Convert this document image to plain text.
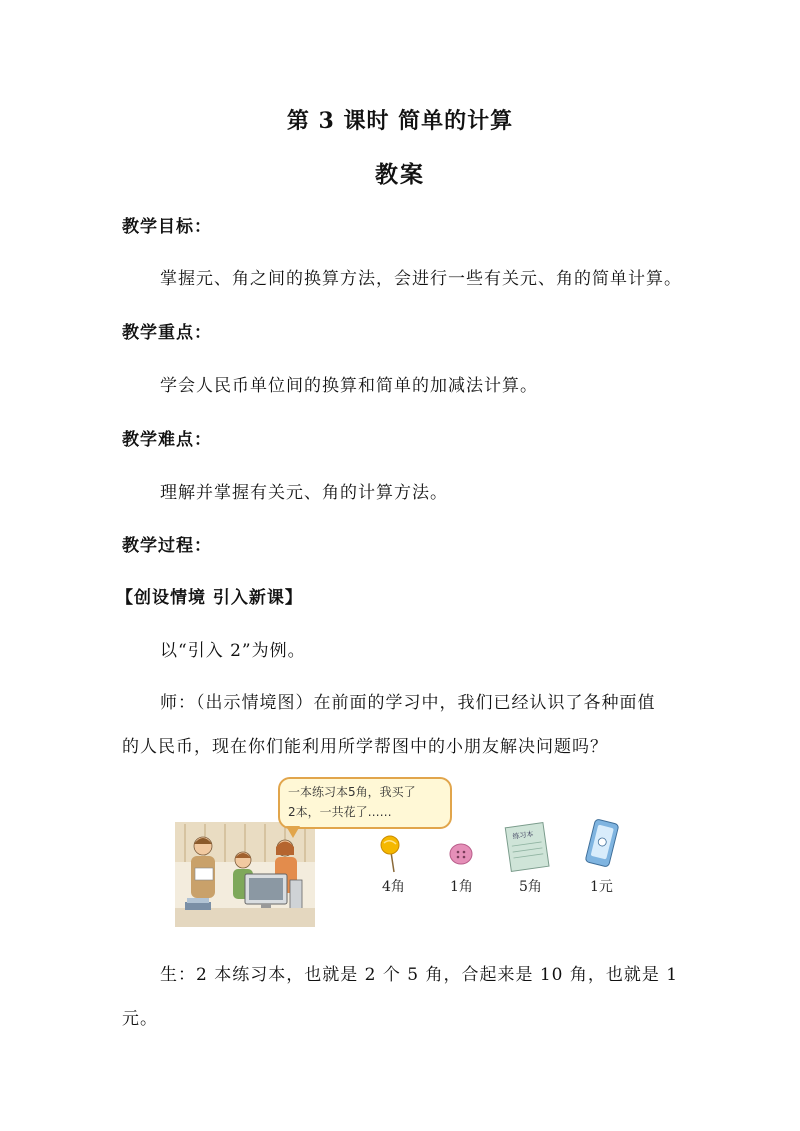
第 3 课时 简单的计算
教案
教学目标：
掌握元、角之间的换算方法，会进行一些有关元、角的简单计算。
教学重点：
学会人民币单位间的换算和简单的加减法计算。
教学难点：
理解并掌握有关元、角的计算方法。
教学过程：
【创设情境 引入新课】
以“引入 2”为例。
师：（出示情境图）在前面的学习中，我们已经认识了各种面值
的人民币，现在你们能利用所学帮图中的小朋友解决问题吗？
一本练习本5角，我买了
2本，一共花了……
练习本
4角	1角	5角	1元
生：2 本练习本，也就是 2 个 5 角，合起来是 10 角，也就是 1
元。
